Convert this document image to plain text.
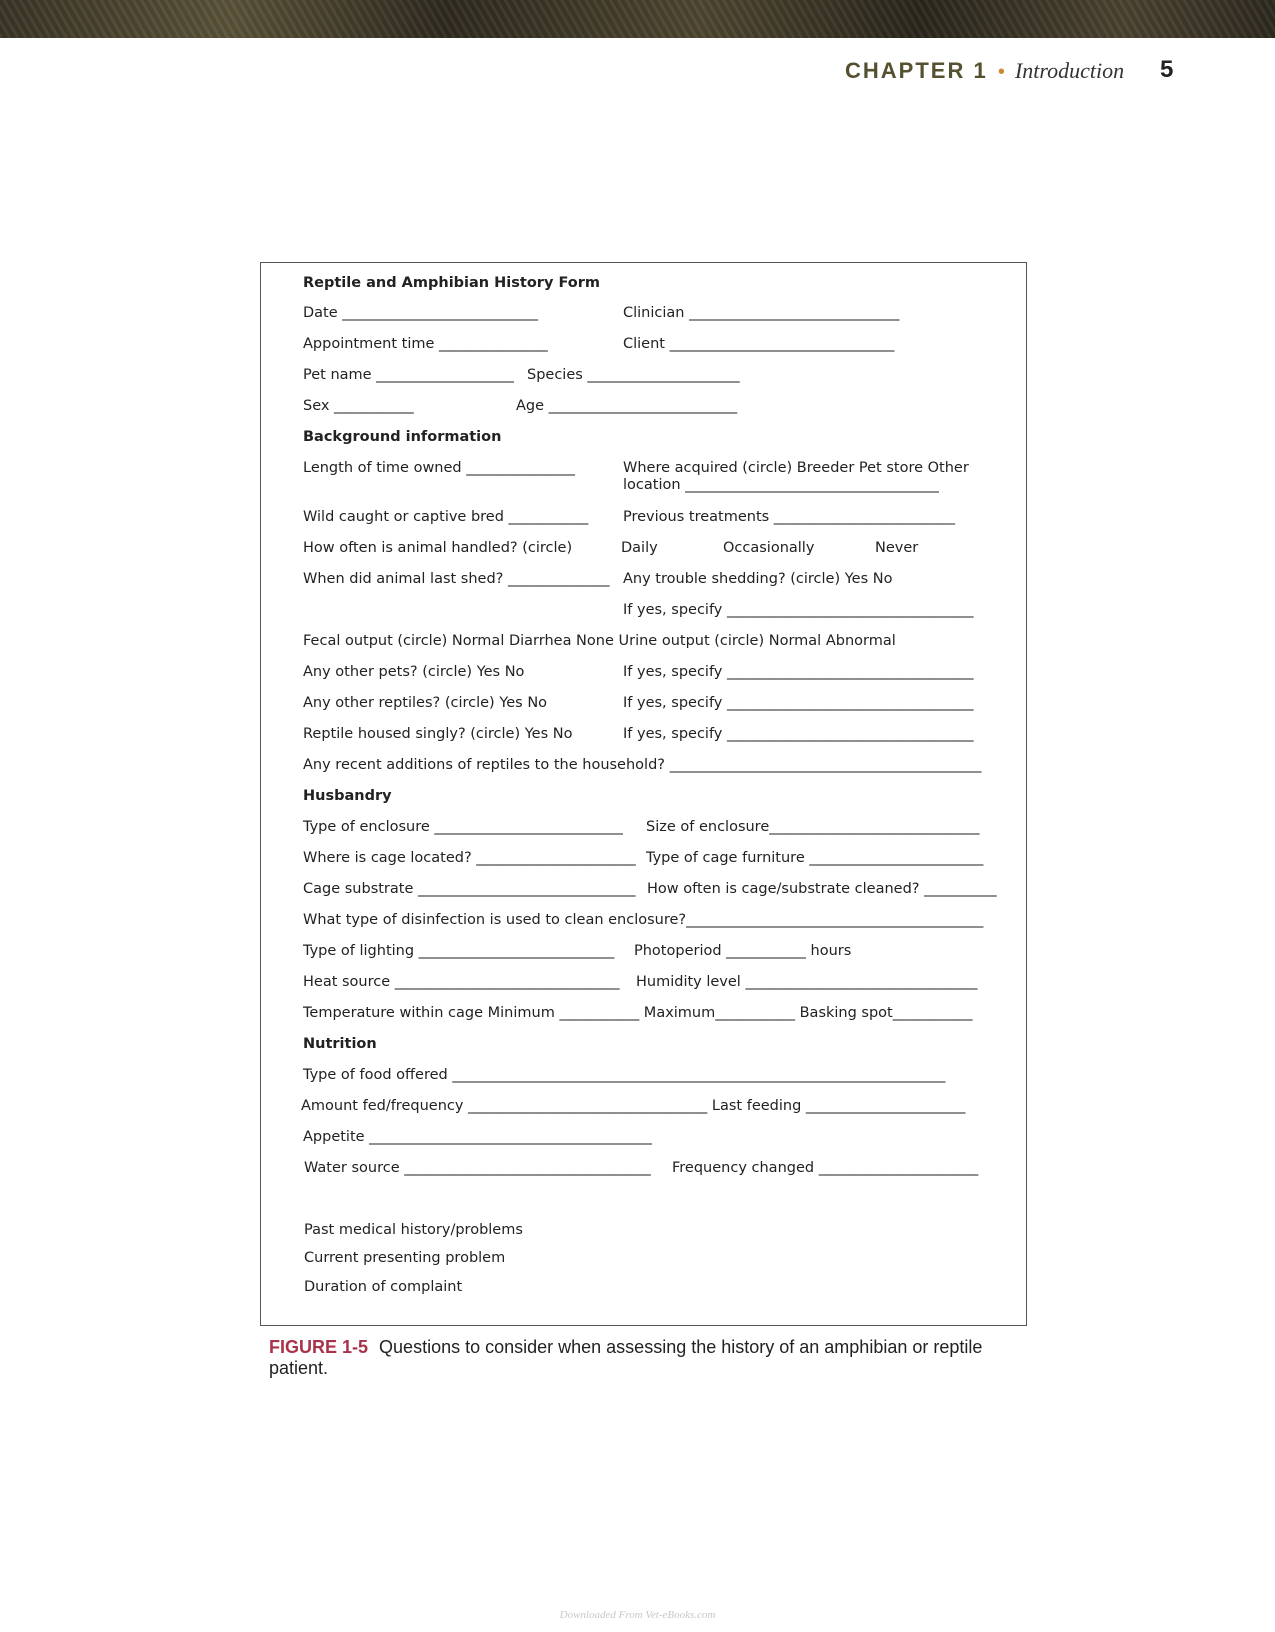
CHAPTER 1 • Introduction 5
Reptile and Amphibian History Form
Date ___________________________	Clinician _____________________________
Appointment time _______________	Client _______________________________
Pet name ___________________ Species _____________________
Sex ___________	Age __________________________
Background information
Length of time owned _______________	Where acquired (circle) Breeder Pet store Other
location ___________________________________
Wild caught or captive bred ___________ Previous treatments _________________________
How often is animal handled? (circle)	Daily	Occasionally	Never
When did animal last shed? ______________ Any trouble shedding? (circle) Yes No
If yes, specify __________________________________
Fecal output (circle) Normal Diarrhea None Urine output (circle) Normal Abnormal
Any other pets? (circle) Yes No	If yes, specify __________________________________
Any other reptiles? (circle) Yes No	If yes, specify __________________________________
Reptile housed singly? (circle) Yes No	If yes, specify __________________________________
Any recent additions of reptiles to the household? ___________________________________________
Husbandry
Type of enclosure __________________________ Size of enclosure_____________________________
Where is cage located? ______________________ Type of cage furniture ________________________
Cage substrate ______________________________ How often is cage/substrate cleaned? __________
What type of disinfection is used to clean enclosure?_________________________________________
Type of lighting ___________________________ Photoperiod ___________ hours
Heat source _______________________________ Humidity level ________________________________
Temperature within cage Minimum ___________ Maximum___________ Basking spot___________
Nutrition
Type of food offered ____________________________________________________________________
Amount fed/frequency _________________________________ Last feeding ______________________
Appetite _______________________________________
Water source __________________________________ Frequency changed ______________________
Past medical history/problems
Current presenting problem
Duration of complaint
FIGURE 1-5 Questions to consider when assessing the history of an amphibian or reptile patient.
Downloaded From Vet-eBooks.com
